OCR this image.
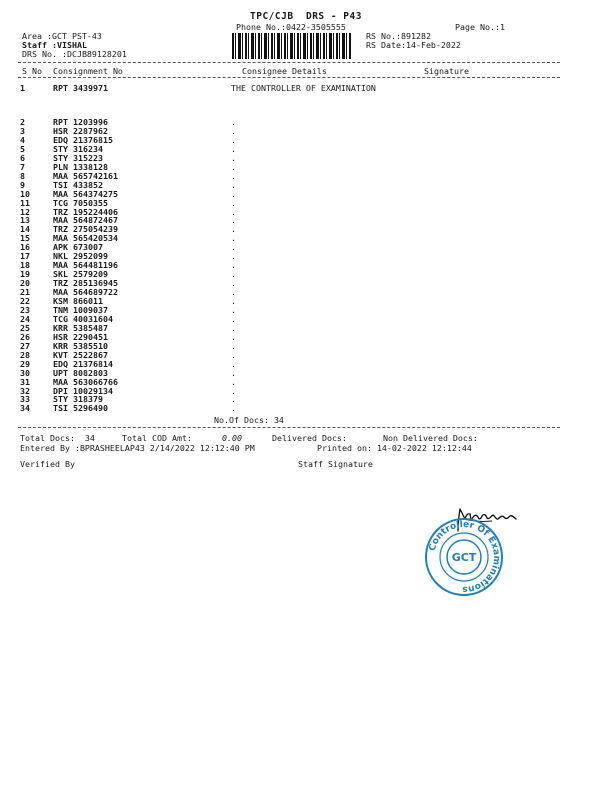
TPC/CJB  DRS - P43
Phone No.:0422-3505555	Page No.:1
Area :GCT PST-43
Staff :VISHAL
DRS No. :DCJB89128201
RS No.:891282
RS Date:14-Feb-2022
S No Consignment No	Consignee Details	Signature
1	RPT 3439971	THE CONTROLLER OF EXAMINATION
2	RPT 1203996	.
3	HSR 2287962	.
4	EDQ 21376815	.
5	STY 316234	.
6	STY 315223	.
7	PLN 1338128	.
8	MAA 565742161	.
9	TSI 433852	.
10	MAA 564374275	.
11	TCG 7050355	.
12	TRZ 195224406	.
13	MAA 564872467	.
14	TRZ 275054239	.
15	MAA 565420534	.
16	APK 673007	.
17	NKL 2952099	.
18	MAA 564481196	.
19	SKL 2579209	.
20	TRZ 285136945	.
21	MAA 564689722	.
22	KSM 866011	.
23	TNM 1009037	.
24	TCG 40031604	.
25	KRR 5385487	.
26	HSR 2290451	.
27	KRR 5385510	.
28	KVT 2522867	.
29	EDQ 21376814	.
30	UPT 8082803	.
31	MAA 563066766	.
32	DPI 10029134	.
33	STY 318379	.
34	TSI 5296490	.
No.Of Docs: 34
Total Docs:  34	Total COD Amt:	0.00	Delivered Docs:	Non Delivered Docs:
Entered By :BPRASHEELAP43 2/14/2022 12:12:40 PM	Printed on: 14-02-2022 12:12:44
Verified By	Staff Signature
Controller Of Examinations
GCT
